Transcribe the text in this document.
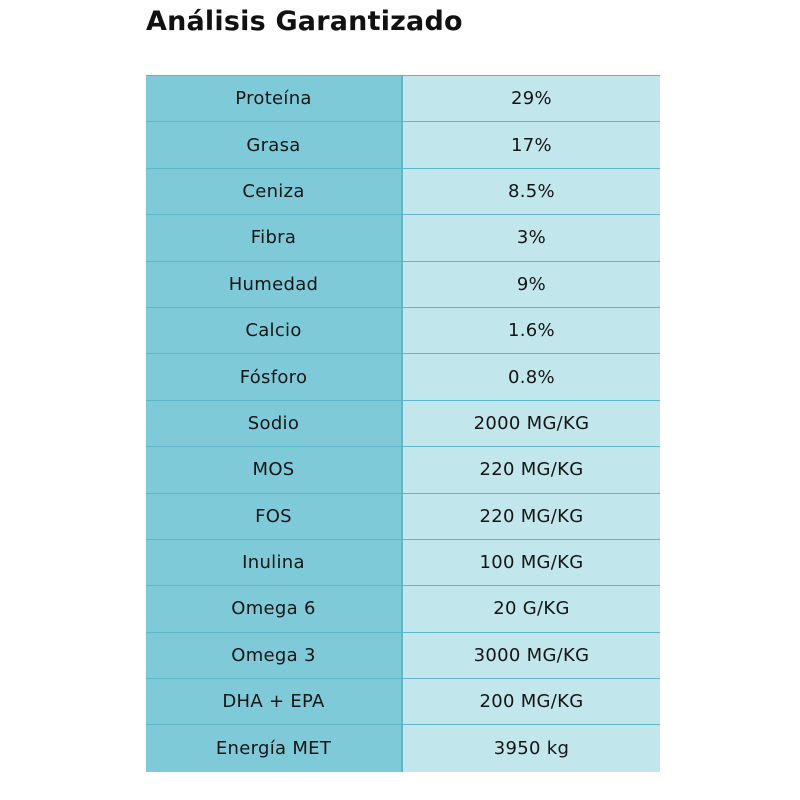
Análisis Garantizado
Proteína	29%
Grasa	17%
Ceniza	8.5%
Fibra	3%
Humedad	9%
Calcio	1.6%
Fósforo	0.8%
Sodio	2000 MG/KG
MOS	220 MG/KG
FOS	220 MG/KG
Inulina	100 MG/KG
Omega 6	20 G/KG
Omega 3	3000 MG/KG
DHA + EPA	200 MG/KG
Energía MET	3950 kg
